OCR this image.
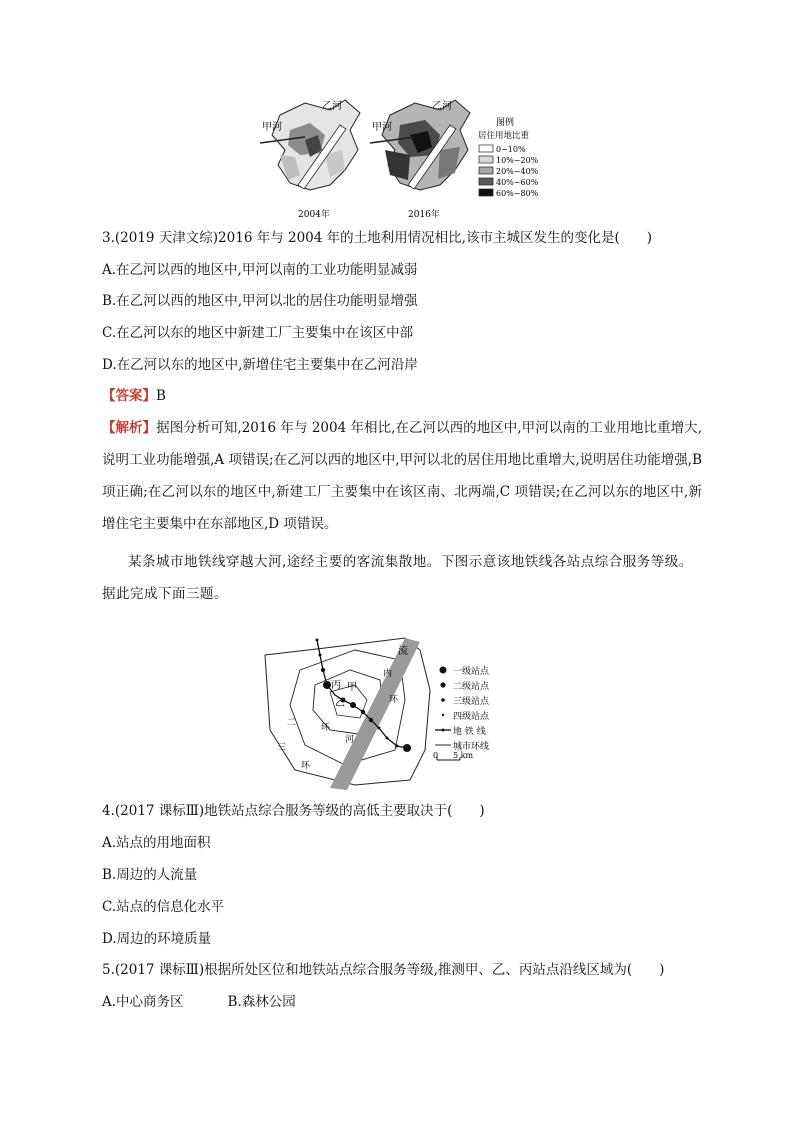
甲河
乙河
2004年
甲河
乙河
2016年
图例
居住用地比重
0~10%
10%~20%
20%~40%
40%~60%
60%~80%
3.(2019 天津文综)2016 年与 2004 年的土地利用情况相比,该市主城区发生的变化是(　　)
A.在乙河以西的地区中,甲河以南的工业功能明显减弱
B.在乙河以西的地区中,甲河以北的居住功能明显增强
C.在乙河以东的地区中新建工厂主要集中在该区中部
D.在乙河以东的地区中,新增住宅主要集中在乙河沿岸
【答案】B
【解析】据图分析可知,2016 年与 2004 年相比,在乙河以西的地区中,甲河以南的工业用地比重增大,说明工业功能增强,A 项错误;在乙河以西的地区中,甲河以北的居住用地比重增大,说明居住功能增强,B 项正确;在乙河以东的地区中,新建工厂主要集中在该区南、北两端,C 项错误;在乙河以东的地区中,新增住宅主要集中在东部地区,D 项错误。
某条城市地铁线穿越大河,途经主要的客流集散地。下图示意该地铁线各站点综合服务等级。据此完成下面三题。
流
河
内
环
二	环
三
环
丙 甲
乙
一级站点
二级站点
三级站点
四级站点
地 铁 线
城市环线
0 5 km
4.(2017 课标Ⅲ)地铁站点综合服务等级的高低主要取决于(　　)
A.站点的用地面积
B.周边的人流量
C.站点的信息化水平
D.周边的环境质量
5.(2017 课标Ⅲ)根据所处区位和地铁站点综合服务等级,推测甲、乙、丙站点沿线区域为(　　)
A.中心商务区	B.森林公园
